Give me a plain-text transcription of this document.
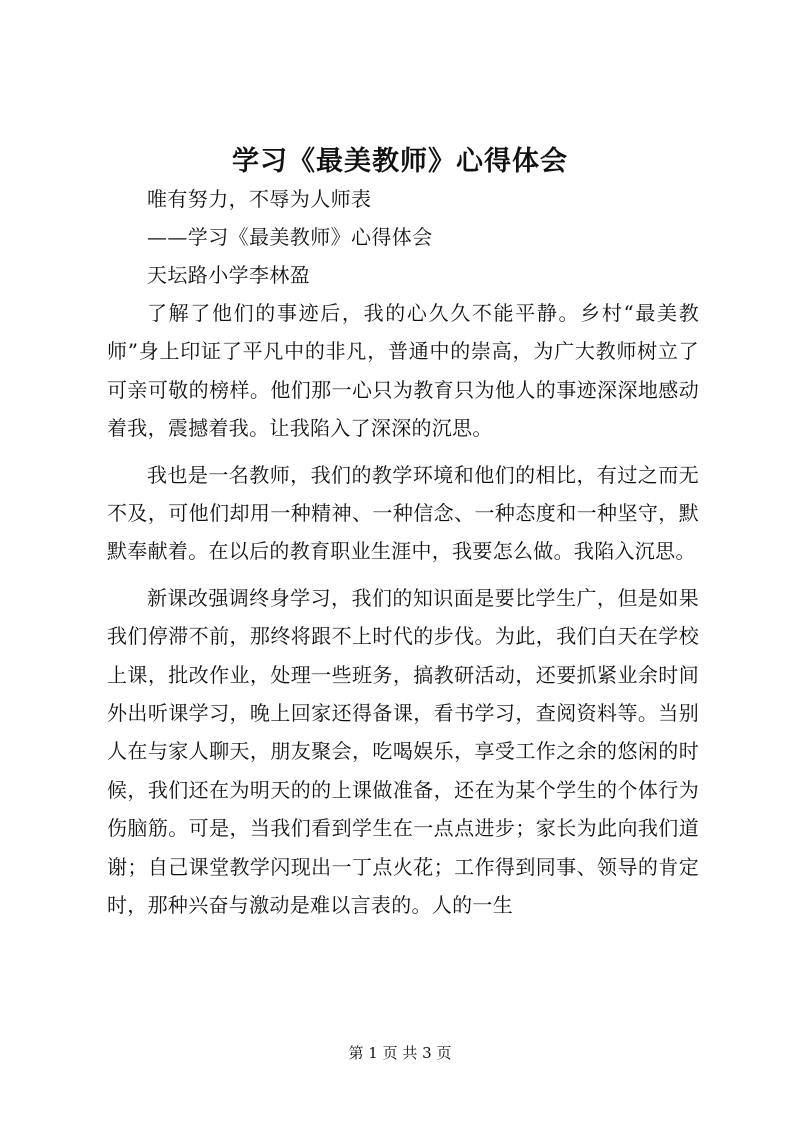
学习《最美教师》心得体会
唯有努力，不辱为人师表
——学习《最美教师》心得体会
天坛路小学李林盈

了解了他们的事迹后，我的心久久不能平静。乡村“最美教师”身上印证了平凡中的非凡，普通中的崇高，为广大教师树立了可亲可敬的榜样。他们那一心只为教育只为他人的事迹深深地感动着我，震撼着我。让我陷入了深深的沉思。

我也是一名教师，我们的教学环境和他们的相比，有过之而无不及，可他们却用一种精神、一种信念、一种态度和一种坚守，默默奉献着。在以后的教育职业生涯中，我要怎么做。我陷入沉思。

新课改强调终身学习，我们的知识面是要比学生广，但是如果我们停滞不前，那终将跟不上时代的步伐。为此，我们白天在学校上课，批改作业，处理一些班务，搞教研活动，还要抓紧业余时间外出听课学习，晚上回家还得备课，看书学习，查阅资料等。当别人在与家人聊天，朋友聚会，吃喝娱乐，享受工作之余的悠闲的时候，我们还在为明天的的上课做准备，还在为某个学生的个体行为伤脑筋。可是，当我们看到学生在一点点进步；家长为此向我们道谢；自己课堂教学闪现出一丁点火花；工作得到同事、领导的肯定时，那种兴奋与激动是难以言表的。人的一生

第 1 页 共 3 页
